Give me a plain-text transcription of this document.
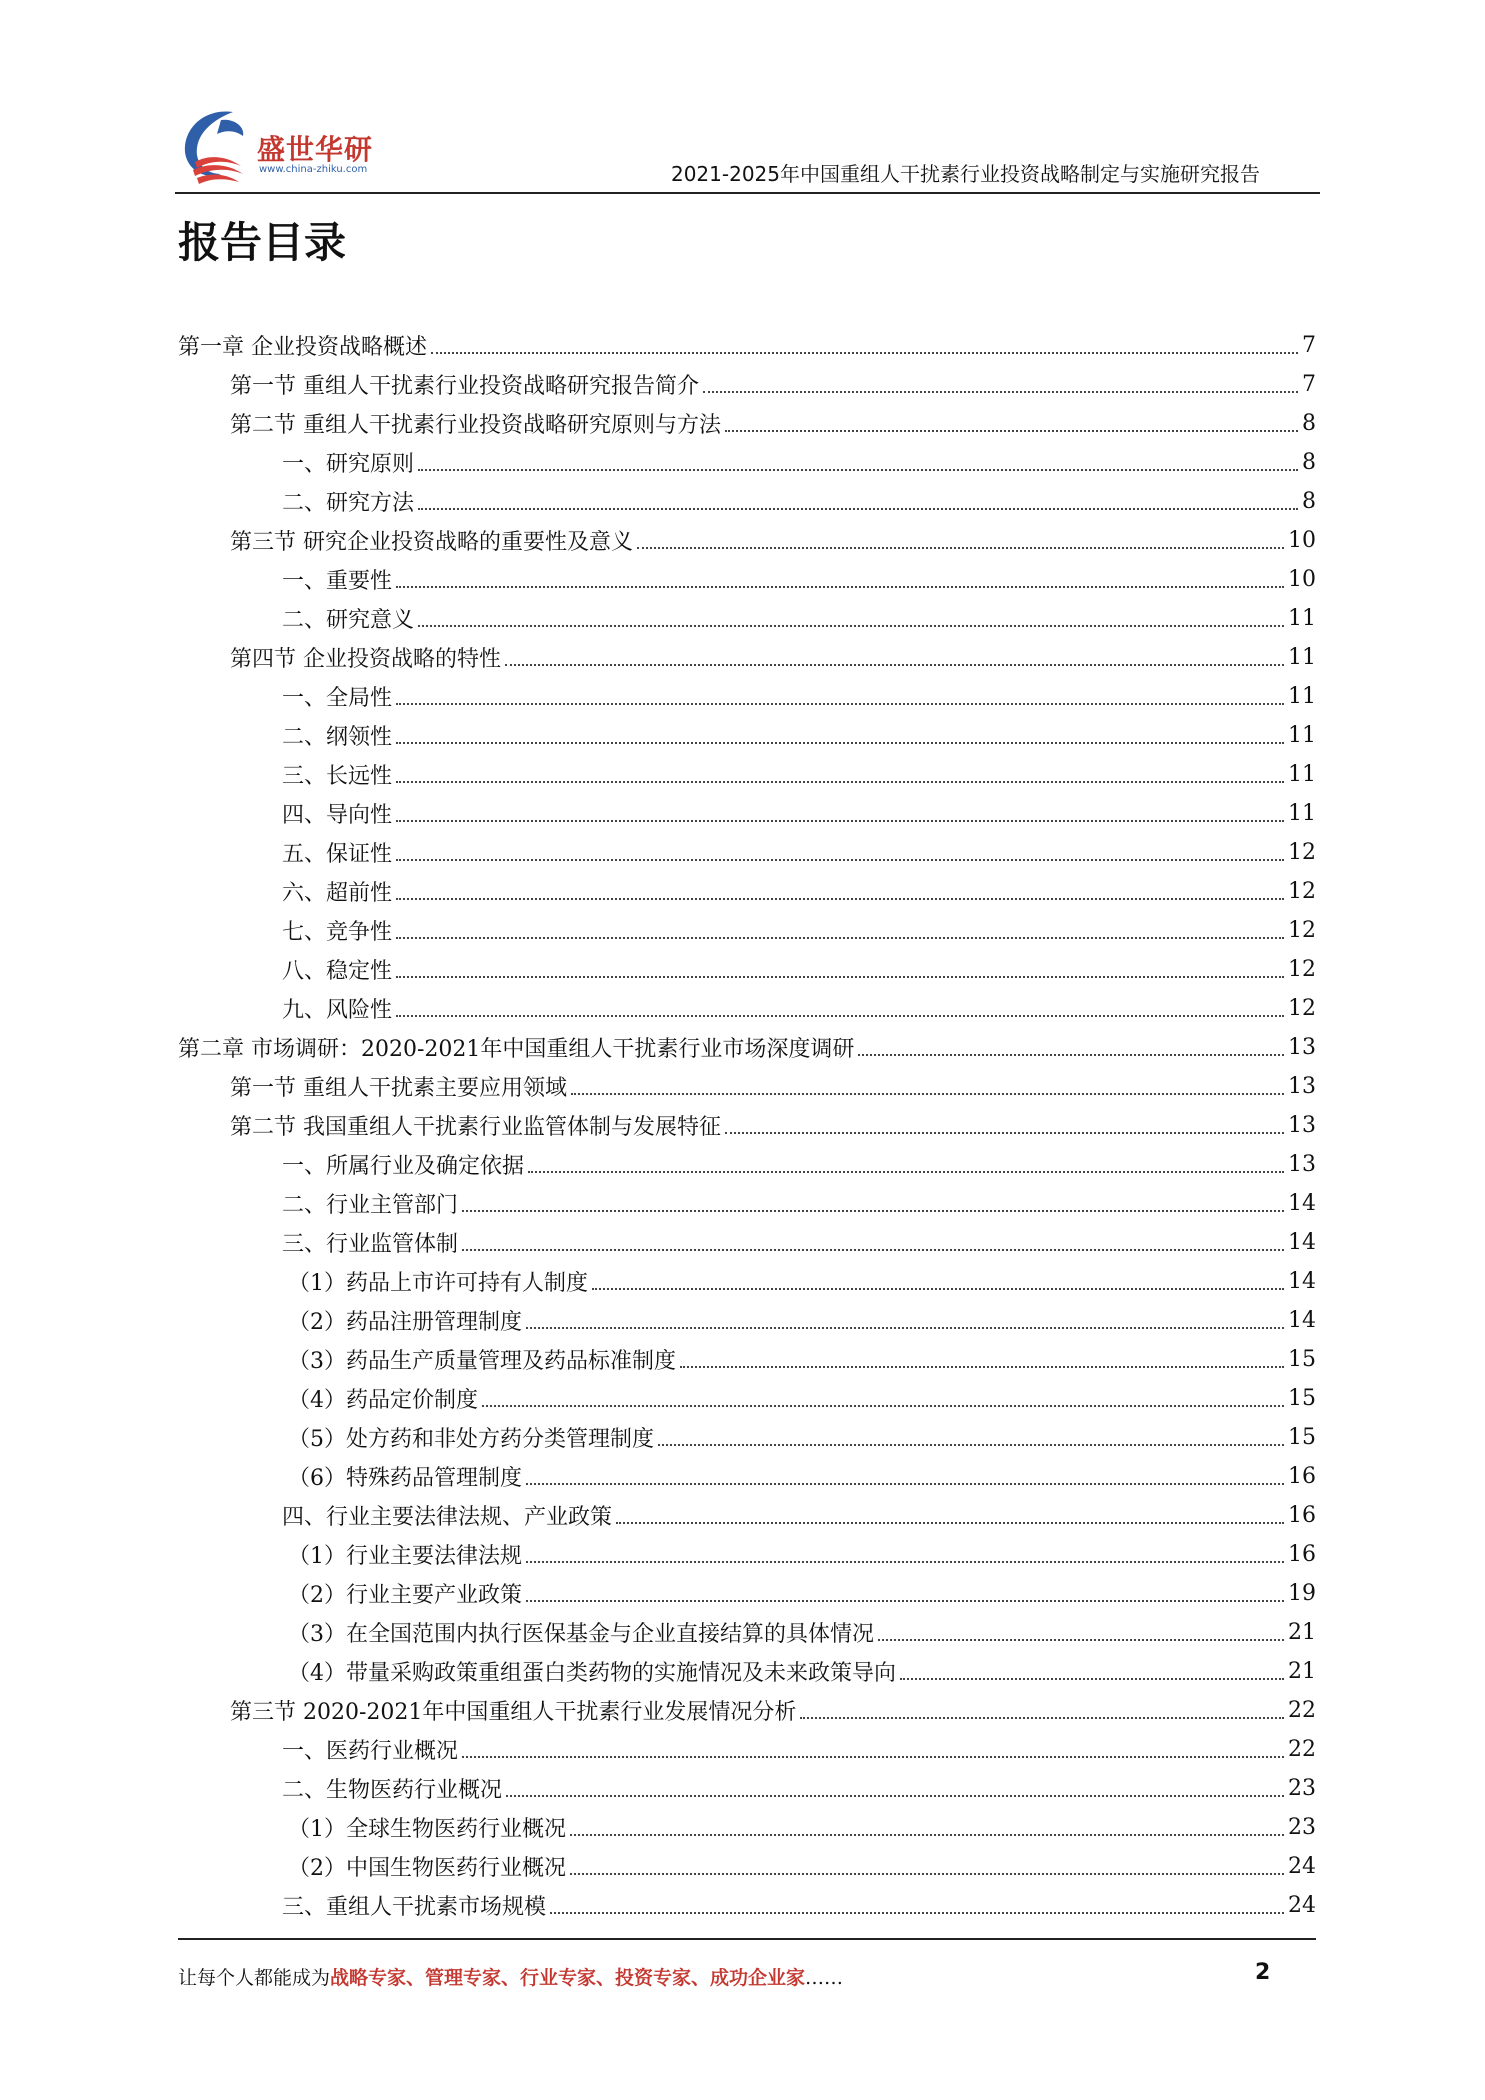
盛世华研
www.china-zhiku.com	2021-2025年中国重组人干扰素行业投资战略制定与实施研究报告
报告目录
第一章 企业投资战略概述	7
第一节 重组人干扰素行业投资战略研究报告简介	7
第二节 重组人干扰素行业投资战略研究原则与方法	8
一、研究原则	8
二、研究方法	8
第三节 研究企业投资战略的重要性及意义	10
一、重要性	10
二、研究意义	11
第四节 企业投资战略的特性	11
一、全局性	11
二、纲领性	11
三、长远性	11
四、导向性	11
五、保证性	12
六、超前性	12
七、竞争性	12
八、稳定性	12
九、风险性	12
第二章 市场调研：2020-2021年中国重组人干扰素行业市场深度调研	13
第一节 重组人干扰素主要应用领域	13
第二节 我国重组人干扰素行业监管体制与发展特征	13
一、所属行业及确定依据	13
二、行业主管部门	14
三、行业监管体制	14
（1）药品上市许可持有人制度	14
（2）药品注册管理制度	14
（3）药品生产质量管理及药品标准制度	15
（4）药品定价制度	15
（5）处方药和非处方药分类管理制度	15
（6）特殊药品管理制度	16
四、行业主要法律法规、产业政策	16
（1）行业主要法律法规	16
（2）行业主要产业政策	19
（3）在全国范围内执行医保基金与企业直接结算的具体情况	21
（4）带量采购政策重组蛋白类药物的实施情况及未来政策导向	21
第三节 2020-2021年中国重组人干扰素行业发展情况分析	22
一、医药行业概况	22
二、生物医药行业概况	23
（1）全球生物医药行业概况	23
（2）中国生物医药行业概况	24
三、重组人干扰素市场规模	24
让每个人都能成为战略专家、管理专家、行业专家、投资专家、成功企业家……	2
